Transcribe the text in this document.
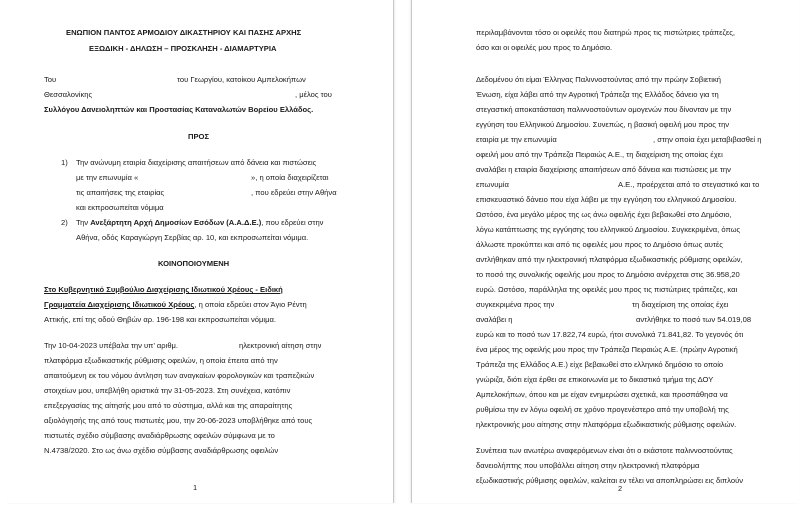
ΕΝΩΠΙΟΝ ΠΑΝΤΟΣ ΑΡΜΟΔΙΟΥ ΔΙΚΑΣΤΗΡΙΟΥ ΚΑΙ ΠΑΣΗΣ ΑΡΧΗΣ
ΕΞΩΔΙΚΗ - ΔΗΛΩΣΗ – ΠΡΟΣΚΛΗΣΗ - ΔΙΑΜΑΡΤΥΡΙΑ
Του	του Γεωργίου, κατοίκου Αμπελοκήπων
Θεσσαλονίκης	, μέλος του
Συλλόγου Δανειοληπτών και Προστασίας Καταναλωτών Βορείου Ελλάδος.
ΠΡΟΣ
1) Την ανώνυμη εταιρία διαχείρισης απαιτήσεων από δάνεια και πιστώσεις
με την επωνυμία «	», η οποία διαχειρίζεται
τις απαιτήσεις της εταιρίας	, που εδρεύει στην Αθήνα
και εκπροσωπείται νόμιμα
2) Την Ανεξάρτητη Αρχή Δημοσίων Εσόδων (Α.Α.Δ.Ε.), που εδρεύει στην
Αθήνα, οδός Καραγιώργη Σερβίας αρ. 10, και εκπροσωπείται νόμιμα.
ΚΟΙΝΟΠΟΙΟΥΜΕΝΗ
Στο Κυβερνητικό Συμβούλιο Διαχείρισης Ιδιωτικού Χρέους - Ειδική
Γραμματεία Διαχείρισης Ιδιωτικού Χρέους, η οποία εδρεύει στον Άγιο Ρέντη
Αττικής, επί της οδού Θηβών αρ. 196-198 και εκπροσωπείται νόμιμα.
Την 10-04-2023 υπέβαλα την υπ’ αριθμ.	ηλεκτρονική αίτηση στην
πλατφόρμα εξωδικαστικής ρύθμισης οφειλών, η οποία έπειτα από την
απαιτούμενη εκ του νόμου άντληση των αναγκαίων φορολογικών και τραπεζικών
στοιχείων μου, υπεβλήθη οριστικά την 31-05-2023. Στη συνέχεια, κατόπιν
επεξεργασίας της αίτησής μου από το σύστημα, αλλά και της απαραίτητης
αξιολόγησής της από τους πιστωτές μου, την 20-06-2023 υποβλήθηκε από τους
πιστωτές σχέδιο σύμβασης αναδιάρθρωσης οφειλών σύμφωνα με το
Ν.4738/2020. Στο ως άνω σχέδιο σύμβασης αναδιάρθρωσης οφειλών
1
περιλαμβάνονται τόσο οι οφειλές που διατηρώ προς τις πιστώτριες τράπεζες,
όσο και οι οφειλές μου προς το Δημόσιο.
Δεδομένου ότι είμαι Έλληνας Παλιννοστούντας από την πρώην Σοβιετική
Ένωση, είχα λάβει από την Αγροτική Τράπεζα της Ελλάδος δάνειο για τη
στεγαστική αποκατάσταση παλιννοστούντων ομογενών που δίνονταν με την
εγγύηση του Ελληνικού Δημοσίου. Συνεπώς, η βασική οφειλή μου προς την
εταιρία με την επωνυμία	, στην οποία έχει μεταβιβασθεί η
οφειλή μου από την Τράπεζα Πειραιώς Α.Ε., τη διαχείριση της οποίας έχει
αναλάβει η εταιρία διαχείρισης απαιτήσεων από δάνεια και πιστώσεις με την
επωνυμία	Α.Ε., προέρχεται από το στεγαστικό και το
επισκευαστικό δάνειο που είχα λάβει με την εγγύηση του ελληνικού Δημοσίου.
Ωστόσο, ένα μεγάλο μέρος της ως άνω οφειλής έχει βεβαιωθεί στο Δημόσιο,
λόγω κατάπτωσης της εγγύησης του ελληνικού Δημοσίου. Συγκεκριμένα, όπως
άλλωστε προκύπτει και από τις οφειλές μου προς το Δημόσιο όπως αυτές
αντλήθηκαν από την ηλεκτρονική πλατφόρμα εξωδικαστικής ρύθμισης οφειλών,
το ποσό της συνολικής οφειλής μου προς το Δημόσιο ανέρχεται στις 36.958,20
ευρώ. Ωστόσο, παράλληλα της οφειλές μου προς τις πιστώτριες τράπεζες, και
συγκεκριμένα προς την	τη διαχείριση της οποίας έχει
αναλάβει η	αντλήθηκε το ποσό των 54.019,08
ευρώ και το ποσό των 17.822,74 ευρώ, ήτοι συνολικά 71.841,82. Το γεγονός ότι
ένα μέρος της οφειλής μου προς την Τράπεζα Πειραιώς Α.Ε. (πρώην Αγροτική
Τράπεζα της Ελλάδος Α.Ε.) είχε βεβαιωθεί στο ελληνικό δημόσιο το οποίο
γνώριζα, διότι είχα έρθει σε επικοινωνία με το δικαστικό τμήμα της ΔΟΥ
Αμπελοκήπων, όπου και με είχαν ενημερώσει σχετικά, και προσπάθησα να
ρυθμίσω την εν λόγω οφειλή σε χρόνο προγενέστερο από την υποβολή της
ηλεκτρονικής μου αίτησης στην πλατφόρμα εξωδικαστικής ρύθμισης οφειλών.
Συνέπεια των ανωτέρω αναφερόμενων είναι ότι ο εκάστοτε παλιννοστούντας
δανειολήπτης που υποβάλλει αίτηση στην ηλεκτρονική πλατφόρμα
εξωδικαστικής ρύθμισης οφειλών, καλείται εν τέλει να αποπληρώσει εις διπλούν
2
